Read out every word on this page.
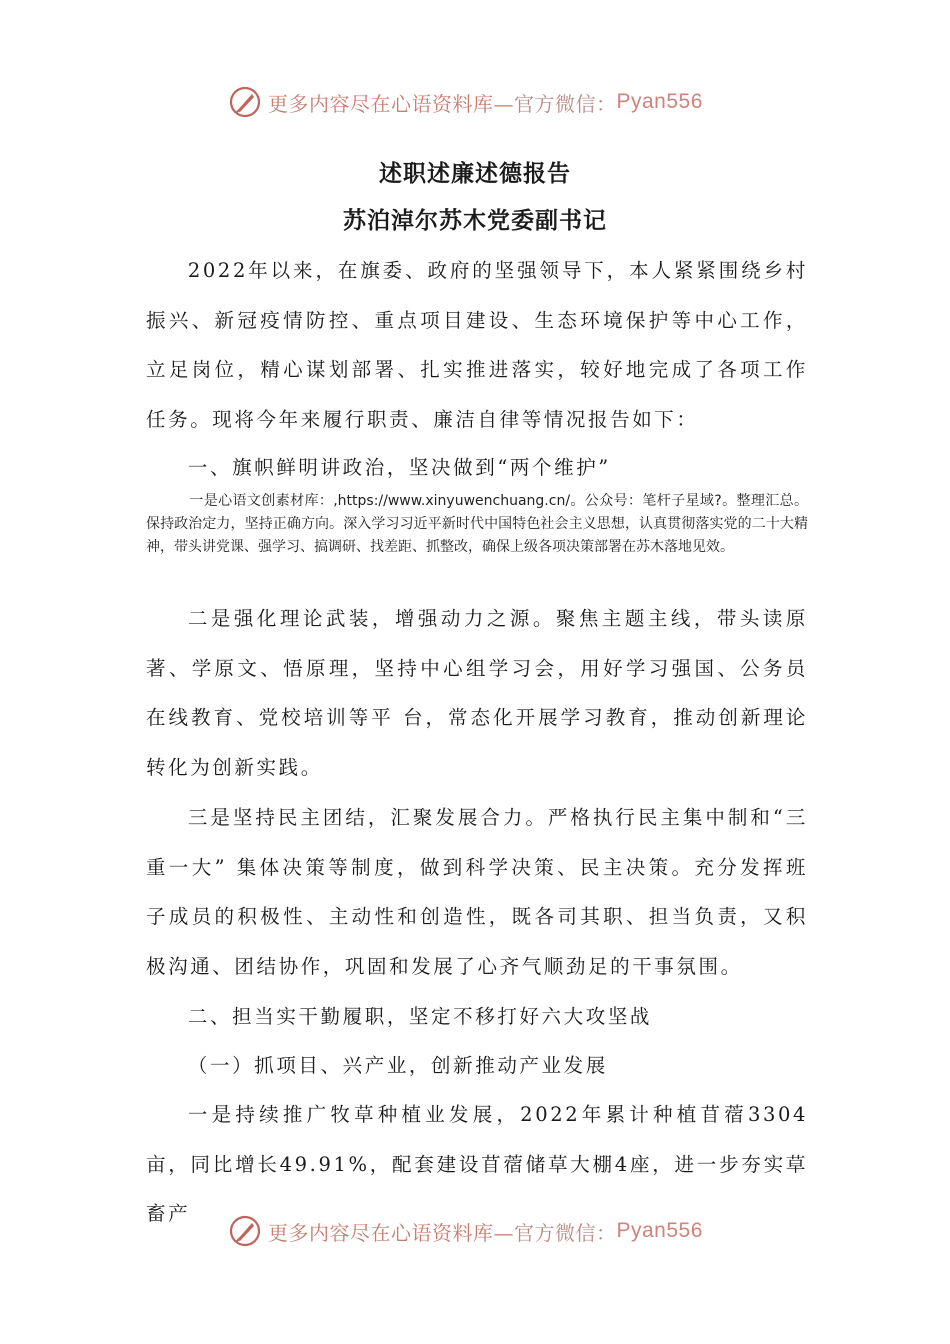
更多内容尽在心语资料库— 官方微信： Pyan556
述职述廉述德报告
苏泊淖尔苏木党委副书记

2022年以来，在旗委、政府的坚强领导下，本人紧紧围绕乡村振兴、新冠疫情防控、重点项目建设、生态环境保护等中心工作，立足岗位，精心谋划部署、扎实推进落实，较好地完成了各项工作任务。现将今年来履行职责、廉洁自律等情况报告如下：

一、旗帜鲜明讲政治，坚决做到“两个维护”

一是心语文创素材库：,https://www.xinyuwenchuang.cn/。公众号：笔杆子星域?。整理汇总。保持政治定力，坚持正确方向。深入学习习近平新时代中国特色社会主义思想，认真贯彻落实党的二十大精神，带头讲党课、强学习、搞调研、找差距、抓整改，确保上级各项决策部署在苏木落地见效。

二是强化理论武装，增强动力之源。聚焦主题主线，带头读原著、学原文、悟原理，坚持中心组学习会，用好学习强国、公务员在线教育、党校培训等平 台，常态化开展学习教育，推动创新理论转化为创新实践。

三是坚持民主团结，汇聚发展合力。严格执行民主集中制和“三重一大” 集体决策等制度，做到科学决策、民主决策。充分发挥班子成员的积极性、主动性和创造性，既各司其职、担当负责，又积极沟通、团结协作，巩固和发展了心齐气顺劲足的干事氛围。

二、担当实干勤履职，坚定不移打好六大攻坚战

（一）抓项目、兴产业，创新推动产业发展

一是持续推广牧草种植业发展，2022年累计种植苜蓿3304亩，同比增长49.91%，配套建设苜蓿储草大棚4座，进一步夯实草畜产

更多内容尽在心语资料库— 官方微信： Pyan556
